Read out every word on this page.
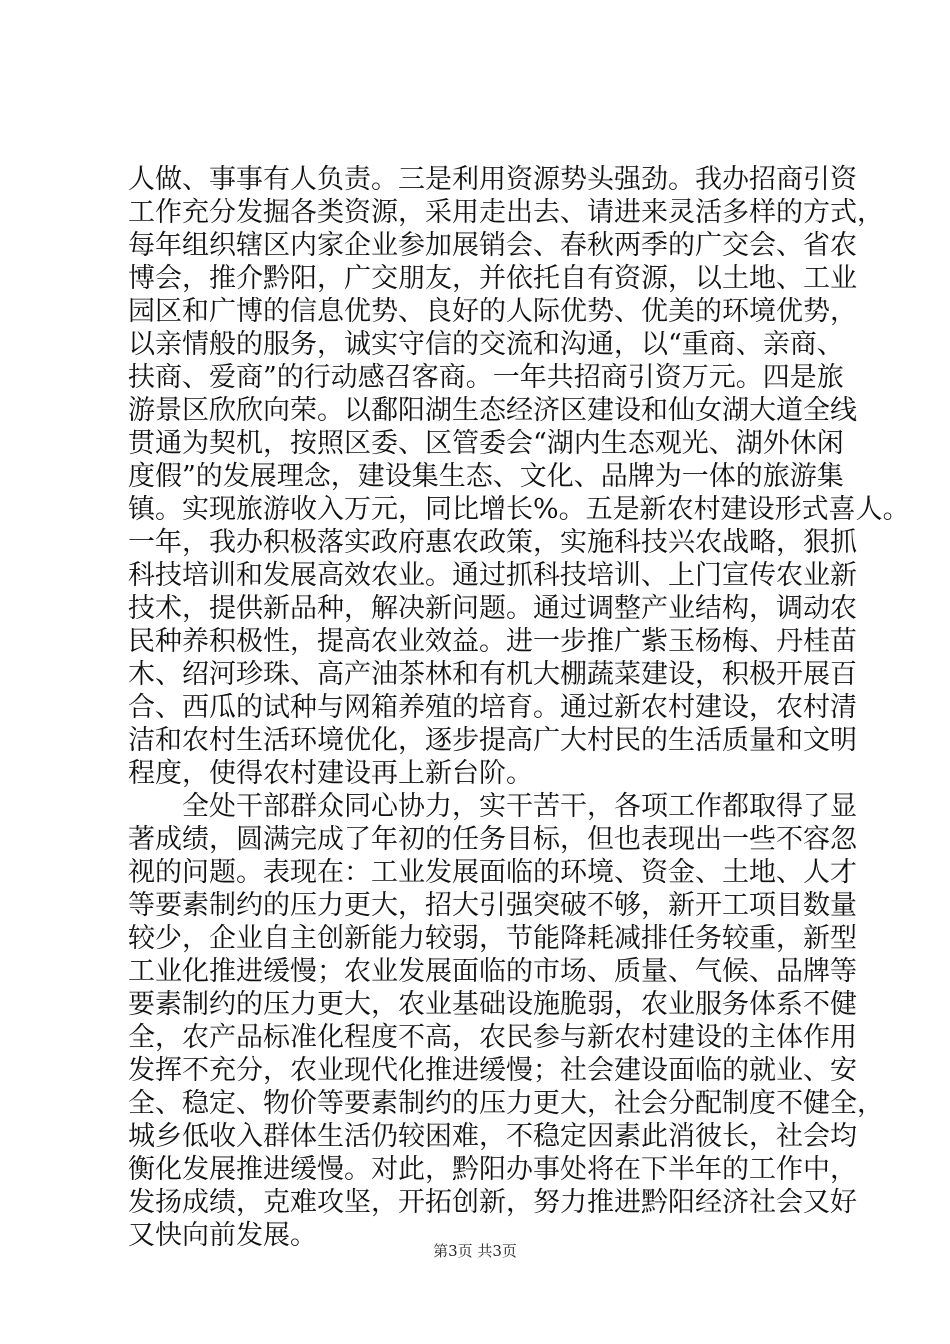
人做、事事有人负责。三是利用资源势头强劲。我办招商引资
工作充分发掘各类资源，采用走出去、请进来灵活多样的方式，
每年组织辖区内家企业参加展销会、春秋两季的广交会、省农
博会，推介黔阳，广交朋友，并依托自有资源，以土地、工业
园区和广博的信息优势、良好的人际优势、优美的环境优势，
以亲情般的服务，诚实守信的交流和沟通，以“重商、亲商、
扶商、爱商”的行动感召客商。一年共招商引资万元。四是旅
游景区欣欣向荣。以鄱阳湖生态经济区建设和仙女湖大道全线
贯通为契机，按照区委、区管委会“湖内生态观光、湖外休闲
度假”的发展理念，建设集生态、文化、品牌为一体的旅游集
镇。实现旅游收入万元，同比增长%。五是新农村建设形式喜人。
一年，我办积极落实政府惠农政策，实施科技兴农战略，狠抓
科技培训和发展高效农业。通过抓科技培训、上门宣传农业新
技术，提供新品种，解决新问题。通过调整产业结构，调动农
民种养积极性，提高农业效益。进一步推广紫玉杨梅、丹桂苗
木、绍河珍珠、高产油茶林和有机大棚蔬菜建设，积极开展百
合、西瓜的试种与网箱养殖的培育。通过新农村建设，农村清
洁和农村生活环境优化，逐步提高广大村民的生活质量和文明
程度，使得农村建设再上新台阶。
全处干部群众同心协力，实干苦干，各项工作都取得了显
著成绩，圆满完成了年初的任务目标，但也表现出一些不容忽
视的问题。表现在：工业发展面临的环境、资金、土地、人才
等要素制约的压力更大，招大引强突破不够，新开工项目数量
较少，企业自主创新能力较弱，节能降耗减排任务较重，新型
工业化推进缓慢；农业发展面临的市场、质量、气候、品牌等
要素制约的压力更大，农业基础设施脆弱，农业服务体系不健
全，农产品标准化程度不高，农民参与新农村建设的主体作用
发挥不充分，农业现代化推进缓慢；社会建设面临的就业、安
全、稳定、物价等要素制约的压力更大，社会分配制度不健全，
城乡低收入群体生活仍较困难，不稳定因素此消彼长，社会均
衡化发展推进缓慢。对此，黔阳办事处将在下半年的工作中，
发扬成绩，克难攻坚，开拓创新，努力推进黔阳经济社会又好
又快向前发展。	第3页 共3页
